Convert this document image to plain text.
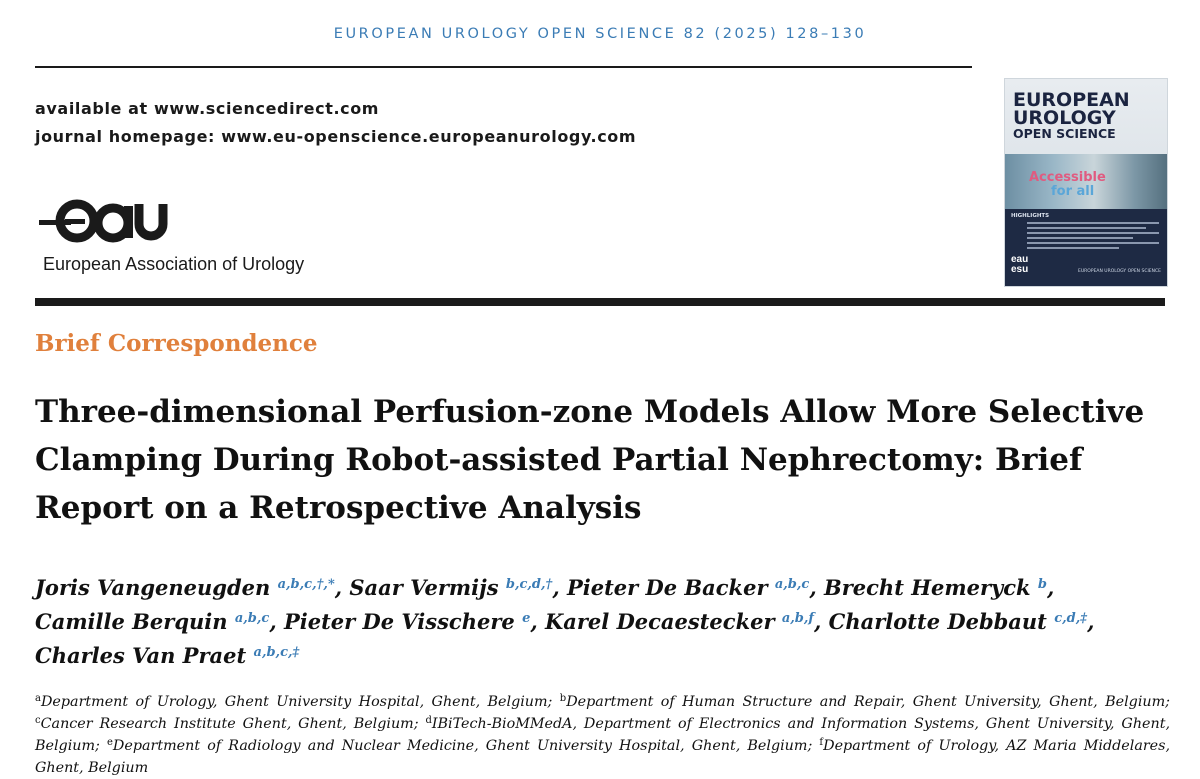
EUROPEAN UROLOGY OPEN SCIENCE 82 (2025) 128–130
available at www.sciencedirect.com
journal homepage: www.eu-openscience.europeanurology.com
European Association of Urology
EUROPEAN
UROLOGY
OPEN SCIENCE
Accessible
for all
HIGHLIGHTS
eau
esu	EUROPEAN UROLOGY OPEN SCIENCE
Brief Correspondence
Three-dimensional Perfusion-zone Models Allow More Selective Clamping During Robot-assisted Partial Nephrectomy: Brief Report on a Retrospective Analysis
Joris Vangeneugden $^{a,b,c,\dagger,*}$, Saar Vermijs $^{b,c,d,\dagger}$, Pieter De Backer $^{a,b,c}$, Brecht Hemeryck $^b$,
Camille Berquin $^{a,b,c}$, Pieter De Visschere $^e$, Karel Decaestecker $^{a,b,f}$, Charlotte Debbaut $^{c,d,\ddagger}$,
Charles Van Praet $^{a,b,c,\ddagger}$
$^a$Department of Urology, Ghent University Hospital, Ghent, Belgium; $^b$Department of Human Structure and Repair, Ghent University, Ghent, Belgium; $^c$Cancer Research Institute Ghent, Ghent, Belgium; $^d$IBiTech-BioMMedA, Department of Electronics and Information Systems, Ghent University, Ghent, Belgium; $^e$Department of Radiology and Nuclear Medicine, Ghent University Hospital, Ghent, Belgium; $^f$Department of Urology, AZ Maria Middelares, Ghent, Belgium
